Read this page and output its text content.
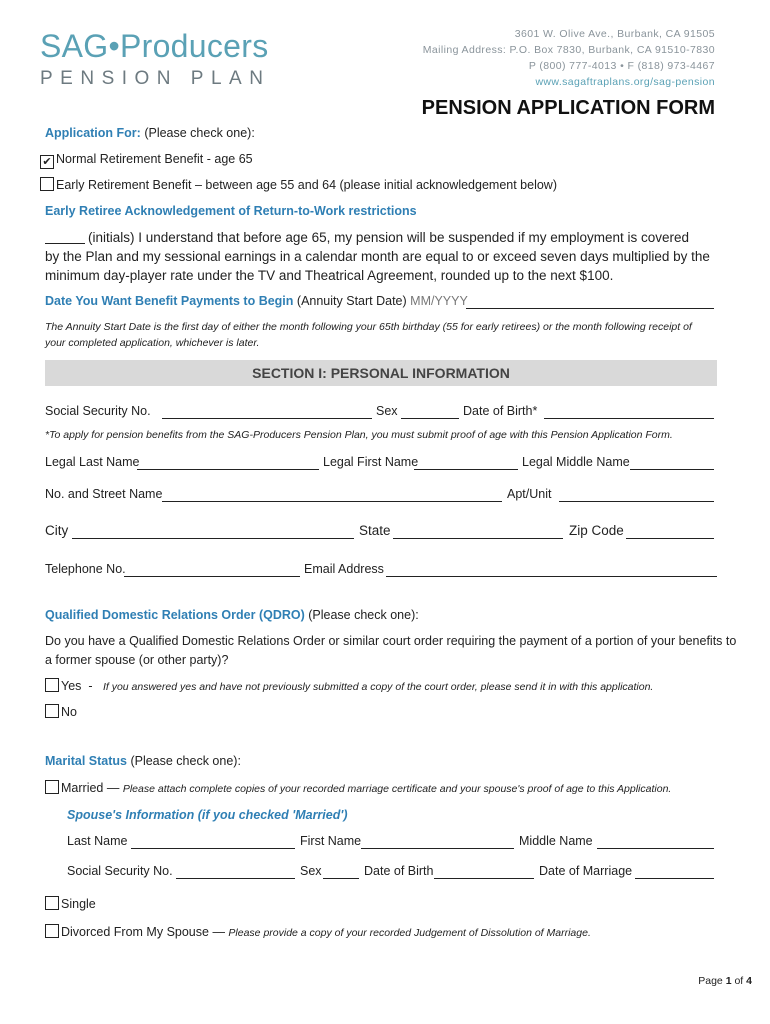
SAG•Producers
PENSION PLAN
3601 W. Olive Ave., Burbank, CA 91505
Mailing Address: P.O. Box 7830, Burbank, CA 91510-7830
P (800) 777-4013 • F (818) 973-4467
www.sagaftraplans.org/sag-pension
PENSION APPLICATION FORM
Application For: (Please check one):
✔ Normal Retirement Benefit - age 65
Early Retirement Benefit – between age 55 and 64 (please initial acknowledgement below)
Early Retiree Acknowledgement of Return-to-Work restrictions
(initials) I understand that before age 65, my pension will be suspended if my employment is covered
by the Plan and my sessional earnings in a calendar month are equal to or exceed seven days multiplied by the
minimum day-player rate under the TV and Theatrical Agreement, rounded up to the next $100.
Date You Want Benefit Payments to Begin (Annuity Start Date) MM/YYYY
The Annuity Start Date is the first day of either the month following your 65th birthday (55 for early retirees) or the month following receipt of
your completed application, whichever is later.
SECTION I: PERSONAL INFORMATION
Social Security No.	Sex	Date of Birth*
*To apply for pension benefits from the SAG-Producers Pension Plan, you must submit proof of age with this Pension Application Form.
Legal Last Name	Legal First Name	Legal Middle Name
No. and Street Name	Apt/Unit
City	State	Zip Code
Telephone No.	Email Address
Qualified Domestic Relations Order (QDRO) (Please check one):
Do you have a Qualified Domestic Relations Order or similar court order requiring the payment of a portion of your benefits to
a former spouse (or other party)?
Yes  -   If you answered yes and have not previously submitted a copy of the court order, please send it in with this application.
No
Marital Status (Please check one):
Married — Please attach complete copies of your recorded marriage certificate and your spouse's proof of age to this Application.
Spouse's Information (if you checked 'Married')
Last Name	First Name	Middle Name
Social Security No.	Sex	Date of Birth	Date of Marriage
Single
Divorced From My Spouse — Please provide a copy of your recorded Judgement of Dissolution of Marriage.
Page 1 of 4
